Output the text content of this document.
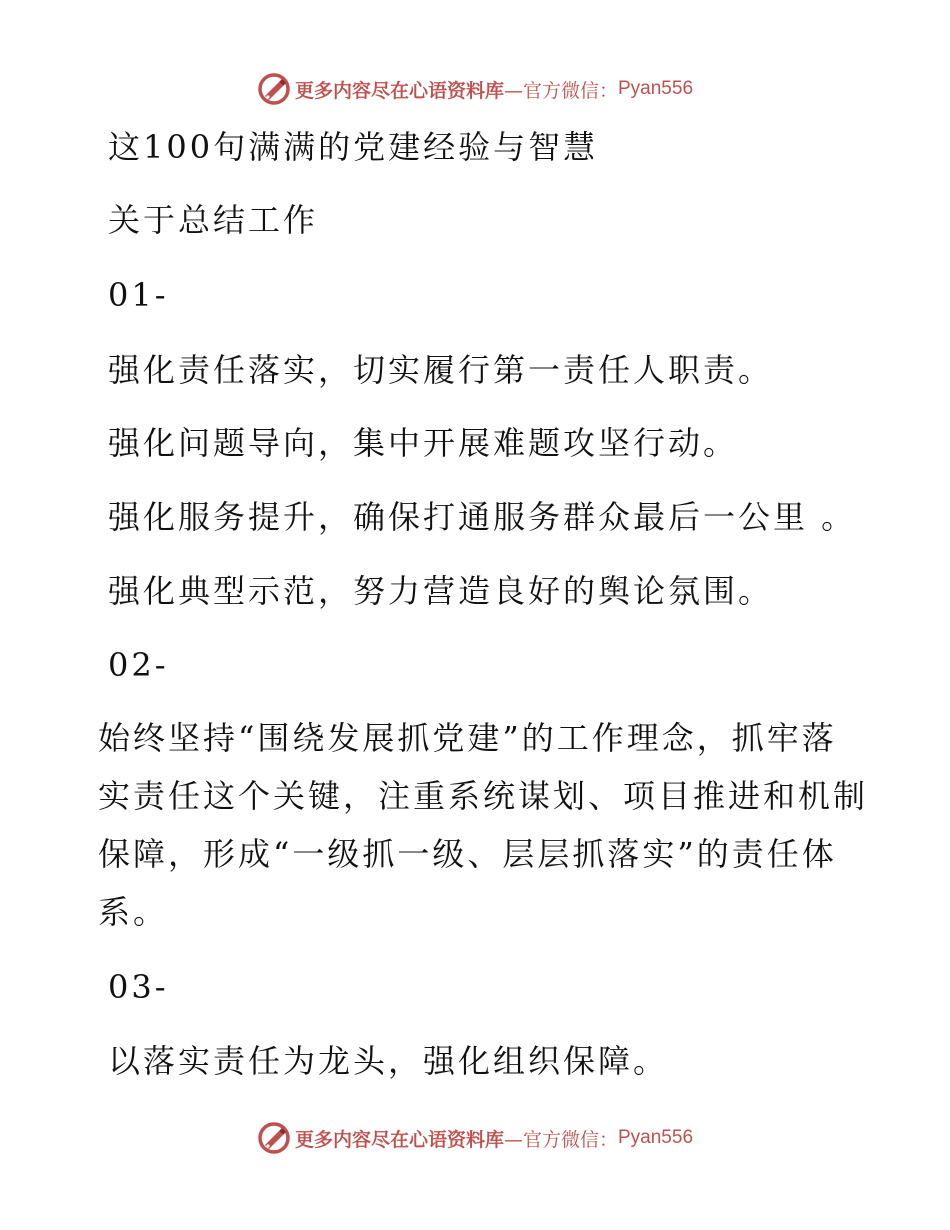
更多内容尽在心语资料库 —官方微信： Pyan556
这100句满满的党建经验与智慧
关于总结工作
01-
强化责任落实，切实履行第一责任人职责。
强化问题导向，集中开展难题攻坚行动。
强化服务提升，确保打通服务群众最后一公里 。
强化典型示范，努力营造良好的舆论氛围。
02-
始终坚持“围绕发展抓党建”的工作理念，抓牢落实责任这个关键，注重系统谋划、项目推进和机制保障，形成“一级抓一级、层层抓落实”的责任体系。
03-
以落实责任为龙头，强化组织保障。
更多内容尽在心语资料库 —官方微信： Pyan556
